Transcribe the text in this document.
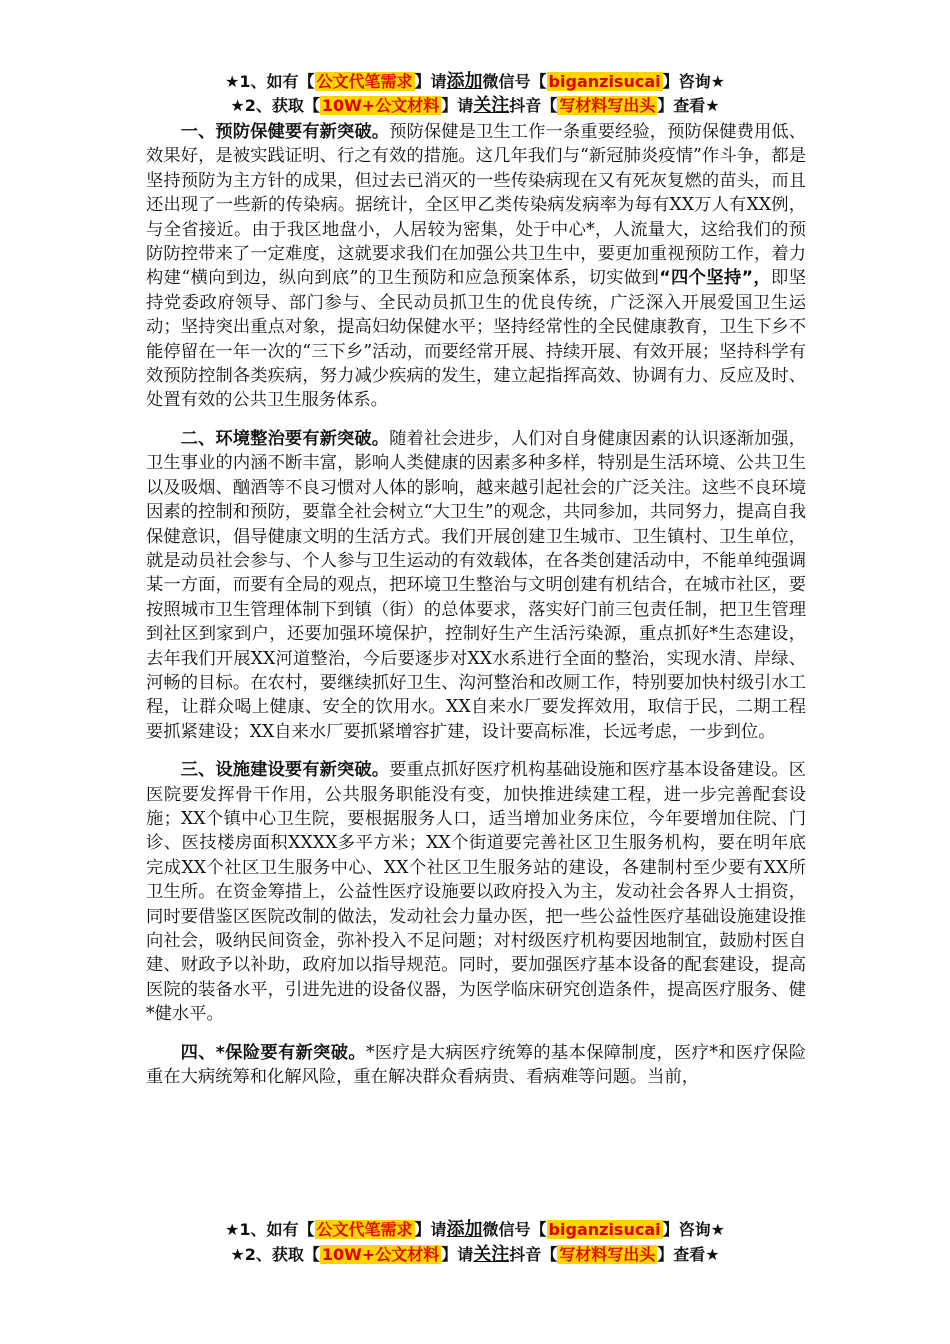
★1、如有【 公文代笔需求 】请添加微信号【 biganzisucai 】咨询★
★2、获取【 10W+公文材料 】请关注抖音【 写材料写出头 】查看★

一、预防保健要有新突破。预防保健是卫生工作一条重要经验，预防保健费用低、效果好，是被实践证明、行之有效的措施。这几年我们与“新冠肺炎疫情”作斗争，都是坚持预防为主方针的成果，但过去已消灭的一些传染病现在又有死灰复燃的苗头，而且还出现了一些新的传染病。据统计，全区甲乙类传染病发病率为每有XX万人有XX例，与全省接近。由于我区地盘小，人居较为密集，处于中心*，人流量大，这给我们的预防防控带来了一定难度，这就要求我们在加强公共卫生中，要更加重视预防工作，着力构建“横向到边，纵向到底”的卫生预防和应急预案体系，切实做到“四个坚持”，即坚持党委政府领导、部门参与、全民动员抓卫生的优良传统，广泛深入开展爱国卫生运动；坚持突出重点对象，提高妇幼保健水平；坚持经常性的全民健康教育，卫生下乡不能停留在一年一次的“三下乡”活动，而要经常开展、持续开展、有效开展；坚持科学有效预防控制各类疾病，努力减少疾病的发生，建立起指挥高效、协调有力、反应及时、处置有效的公共卫生服务体系。

二、环境整治要有新突破。随着社会进步，人们对自身健康因素的认识逐渐加强，卫生事业的内涵不断丰富，影响人类健康的因素多种多样，特别是生活环境、公共卫生以及吸烟、酗酒等不良习惯对人体的影响，越来越引起社会的广泛关注。这些不良环境因素的控制和预防，要靠全社会树立“大卫生”的观念，共同参加，共同努力，提高自我保健意识，倡导健康文明的生活方式。我们开展创建卫生城市、卫生镇村、卫生单位，就是动员社会参与、个人参与卫生运动的有效载体，在各类创建活动中，不能单纯强调某一方面，而要有全局的观点，把环境卫生整治与文明创建有机结合，在城市社区，要按照城市卫生管理体制下到镇（街）的总体要求，落实好门前三包责任制，把卫生管理到社区到家到户，还要加强环境保护，控制好生产生活污染源，重点抓好*生态建设，去年我们开展XX河道整治，今后要逐步对XX水系进行全面的整治，实现水清、岸绿、河畅的目标。在农村，要继续抓好卫生、沟河整治和改厕工作，特别要加快村级引水工程，让群众喝上健康、安全的饮用水。XX自来水厂要发挥效用，取信于民，二期工程要抓紧建设；XX自来水厂要抓紧增容扩建，设计要高标准，长远考虑，一步到位。

三、设施建设要有新突破。要重点抓好医疗机构基础设施和医疗基本设备建设。区医院要发挥骨干作用，公共服务职能没有变，加快推进续建工程，进一步完善配套设施；XX个镇中心卫生院，要根据服务人口，适当增加业务床位，今年要增加住院、门诊、医技楼房面积XXXX多平方米；XX个街道要完善社区卫生服务机构，要在明年底完成XX个社区卫生服务中心、XX个社区卫生服务站的建设，各建制村至少要有XX所卫生所。在资金筹措上，公益性医疗设施要以政府投入为主，发动社会各界人士捐资，同时要借鉴区医院改制的做法，发动社会力量办医，把一些公益性医疗基础设施建设推向社会，吸纳民间资金，弥补投入不足问题；对村级医疗机构要因地制宜，鼓励村医自建、财政予以补助，政府加以指导规范。同时，要加强医疗基本设备的配套建设，提高医院的装备水平，引进先进的设备仪器，为医学临床研究创造条件，提高医疗服务、健*健水平。

四、*保险要有新突破。*医疗是大病医疗统筹的基本保障制度，医疗*和医疗保险重在大病统筹和化解风险，重在解决群众看病贵、看病难等问题。当前，

★1、如有【 公文代笔需求 】请添加微信号【 biganzisucai 】咨询★
★2、获取【 10W+公文材料 】请关注抖音【 写材料写出头 】查看★
